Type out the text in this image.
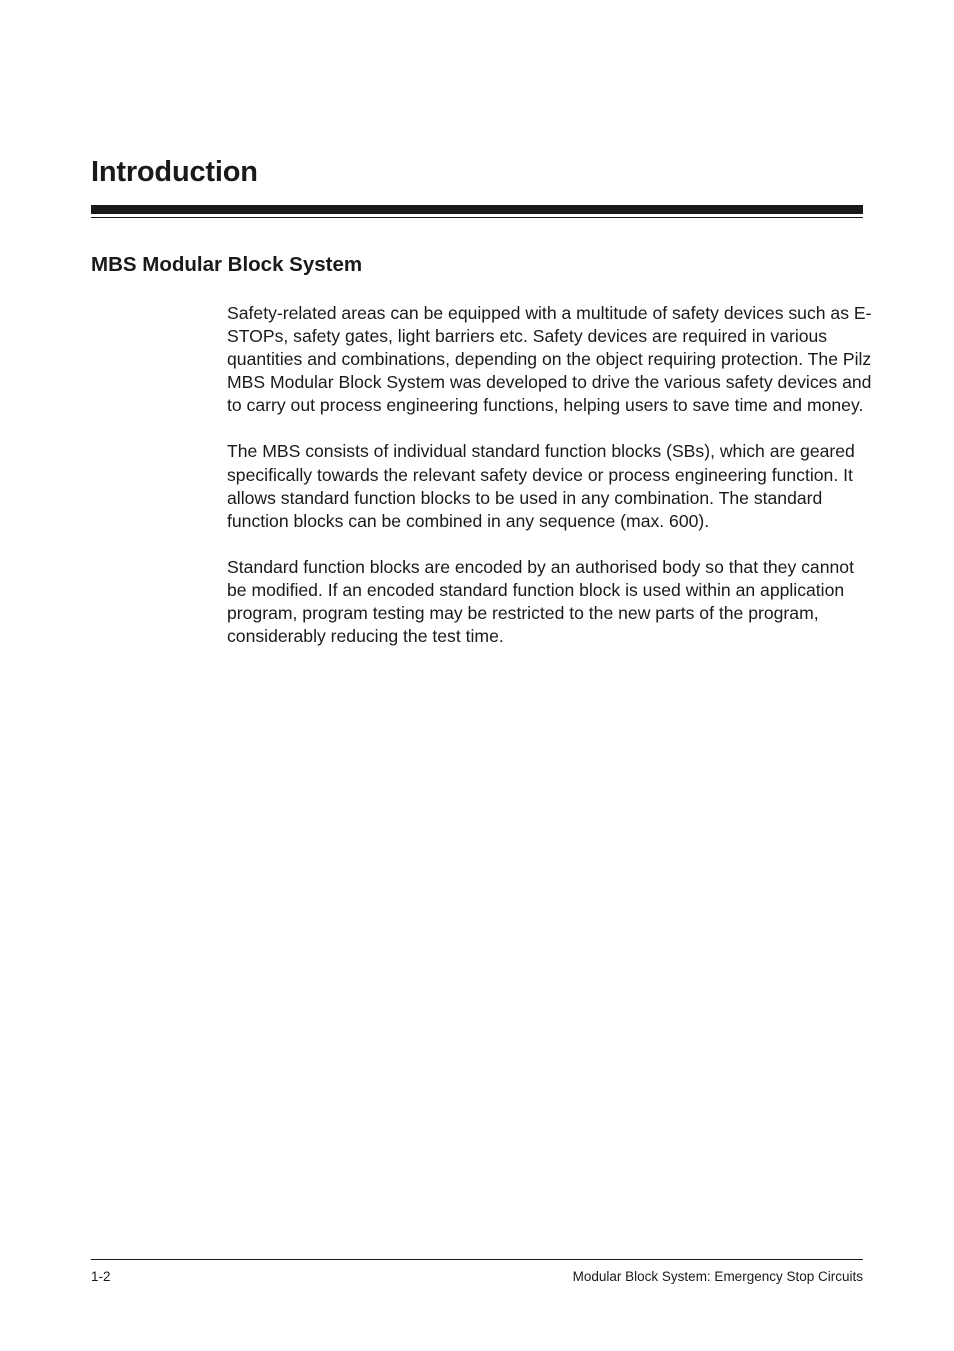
Introduction
MBS Modular Block System

Safety-related areas can be equipped with a multitude of safety devices such as E-STOPs, safety gates, light barriers etc. Safety devices are required in various quantities and combinations, depending on the object requiring protection. The Pilz MBS Modular Block System was developed to drive the various safety devices and to carry out process engineering functions, helping users to save time and money.

The MBS consists of individual standard function blocks (SBs), which are geared specifically towards the relevant safety device or process engineering function. It allows standard function blocks to be used in any combination. The standard function blocks can be combined in any sequence (max. 600).

Standard function blocks are encoded by an authorised body so that they cannot be modified. If an encoded standard function block is used within an application program, program testing may be restricted to the new parts of the program, considerably reducing the test time.

1-2	Modular Block System: Emergency Stop Circuits
